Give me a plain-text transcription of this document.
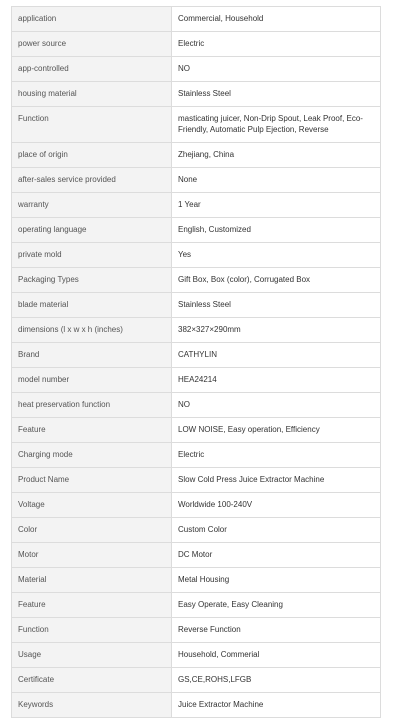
application	Commercial, Household
power source	Electric
app-controlled	NO
housing material	Stainless Steel
Function	masticating juicer, Non-Drip Spout, Leak Proof, Eco-Friendly, Automatic Pulp Ejection, Reverse
place of origin	Zhejiang, China
after-sales service provided	None
warranty	1 Year
operating language	English, Customized
private mold	Yes
Packaging Types	Gift Box, Box (color), Corrugated Box
blade material	Stainless Steel
dimensions (l x w x h (inches)	382×327×290mm
Brand	CATHYLIN
model number	HEA24214
heat preservation function	NO
Feature	LOW NOISE, Easy operation, Efficiency
Charging mode	Electric
Product Name	Slow Cold Press Juice Extractor Machine
Voltage	Worldwide 100-240V
Color	Custom Color
Motor	DC Motor
Material	Metal Housing
Feature	Easy Operate, Easy Cleaning
Function	Reverse Function
Usage	Household, Commerial
Certificate	GS,CE,ROHS,LFGB
Keywords	Juice Extractor Machine
